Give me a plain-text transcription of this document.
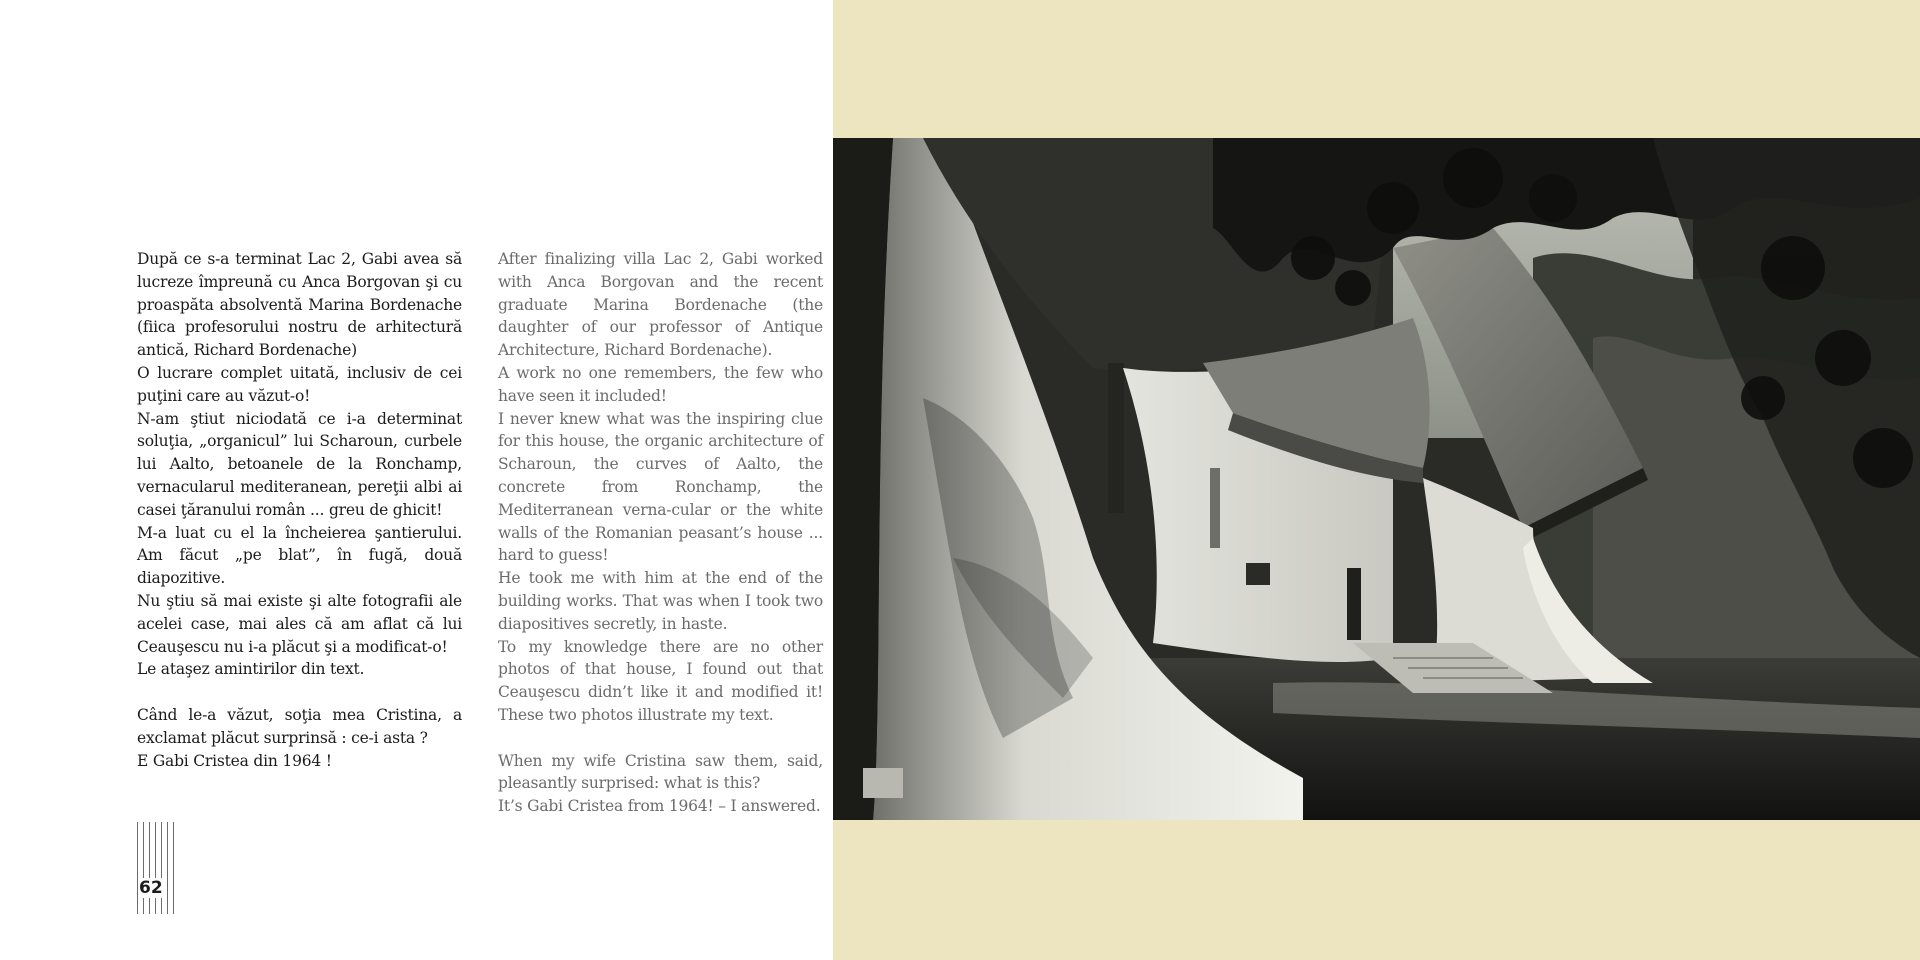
După ce s-a terminat Lac 2, Gabi avea să lucreze împreună cu Anca Borgovan şi cu proaspăta absolventă Marina Bordenache (fiica profesorului nostru de arhitectură antică, Richard Bordenache)

O lucrare complet uitată, inclusiv de cei puţini care au văzut-o!

N-am ştiut niciodată ce i-a determinat soluţia, „organicul” lui Scharoun, curbele lui Aalto, betoanele de la Ronchamp, vernacularul mediteranean, pereţii albi ai casei ţăranului român ... greu de ghicit!

M-a luat cu el la încheierea şantierului. Am făcut „pe blat”, în fugă, două diapozitive.

Nu ştiu să mai existe şi alte fotografii ale acelei case, mai ales că am aflat că lui Ceauşescu nu i-a plăcut şi a modificat-o!

Le ataşez amintirilor din text.

Când le-a văzut, soţia mea Cristina, a exclamat plăcut surprinsă : ce-i asta ?

E Gabi Cristea din 1964 !

After finalizing villa Lac 2, Gabi worked with Anca Borgovan and the recent graduate Marina Bordenache (the daughter of our professor of Antique Architecture, Richard Bordenache).

A work no one remembers, the few who have seen it included!

I never knew what was the inspiring clue for this house, the organic architecture of Scharoun, the curves of Aalto, the concrete from Ronchamp, the Mediterranean verna-cular or the white walls of the Romanian peasant’s house ... hard to guess!

He took me with him at the end of the building works. That was when I took two diapositives secretly, in haste.

To my knowledge there are no other photos of that house, I found out that Ceauşescu didn’t like it and modified it! These two photos illustrate my text.

When my wife Cristina saw them, said, pleasantly surprised: what is this?

It’s Gabi Cristea from 1964! – I answered.

62
